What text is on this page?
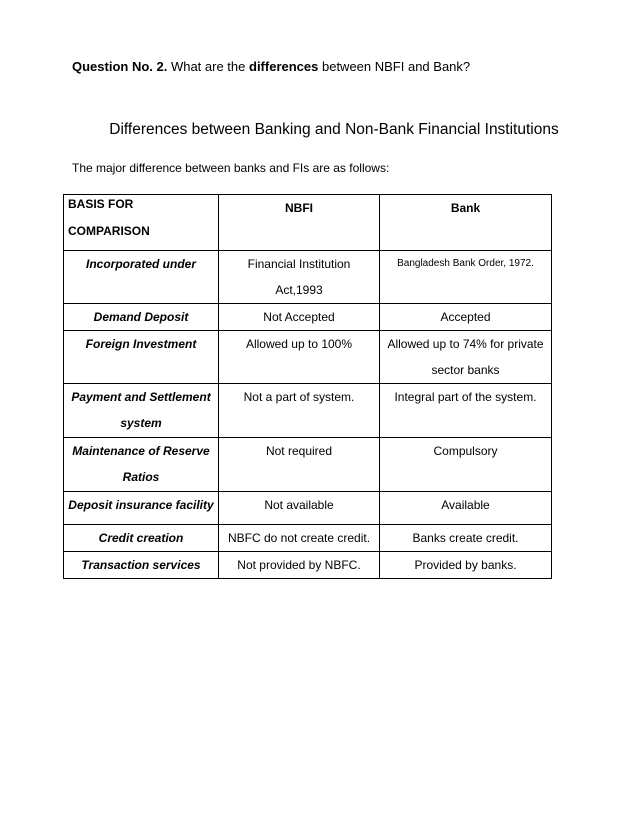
Question No. 2. What are the differences between NBFI and Bank?
Differences between Banking and Non-Bank Financial Institutions
The major difference between banks and FIs are as follows:
BASIS FOR
COMPARISON	NBFI	Bank
Incorporated under	Financial Institution Act,1993	Bangladesh Bank Order, 1972.
Demand Deposit	Not Accepted	Accepted
Foreign Investment	Allowed up to 100%	Allowed up to 74% for private sector banks
Payment and Settlement system	Not a part of system.	Integral part of the system.
Maintenance of Reserve Ratios	Not required	Compulsory
Deposit insurance facility	Not available	Available
Credit creation	NBFC do not create credit.	Banks create credit.
Transaction services	Not provided by NBFC.	Provided by banks.
